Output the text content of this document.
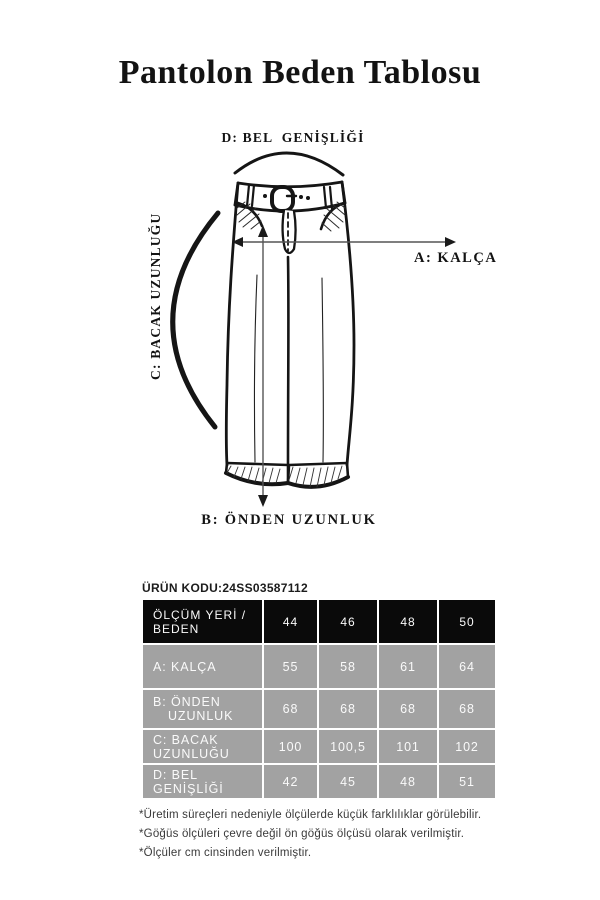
Pantolon Beden Tablosu
D: BEL  GENİŞLİĞİ
A: KALÇA
C: BACAK UZUNLUĞU
B: ÖNDEN UZUNLUK
ÜRÜN KODU:24SS03587112
ÖLÇÜM YERİ / BEDEN	44	46	48	50
A: KALÇA	55	58	61	64
B: ÖNDEN
UZUNLUK	68	68	68	68
C: BACAK UZUNLUĞU	100	100,5	101	102
D: BEL GENİŞLİĞİ	42	45	48	51
*Üretim süreçleri nedeniyle ölçülerde küçük farklılıklar görülebilir.
*Göğüs ölçüleri çevre değil ön göğüs ölçüsü olarak verilmiştir.
*Ölçüler cm cinsinden verilmiştir.
